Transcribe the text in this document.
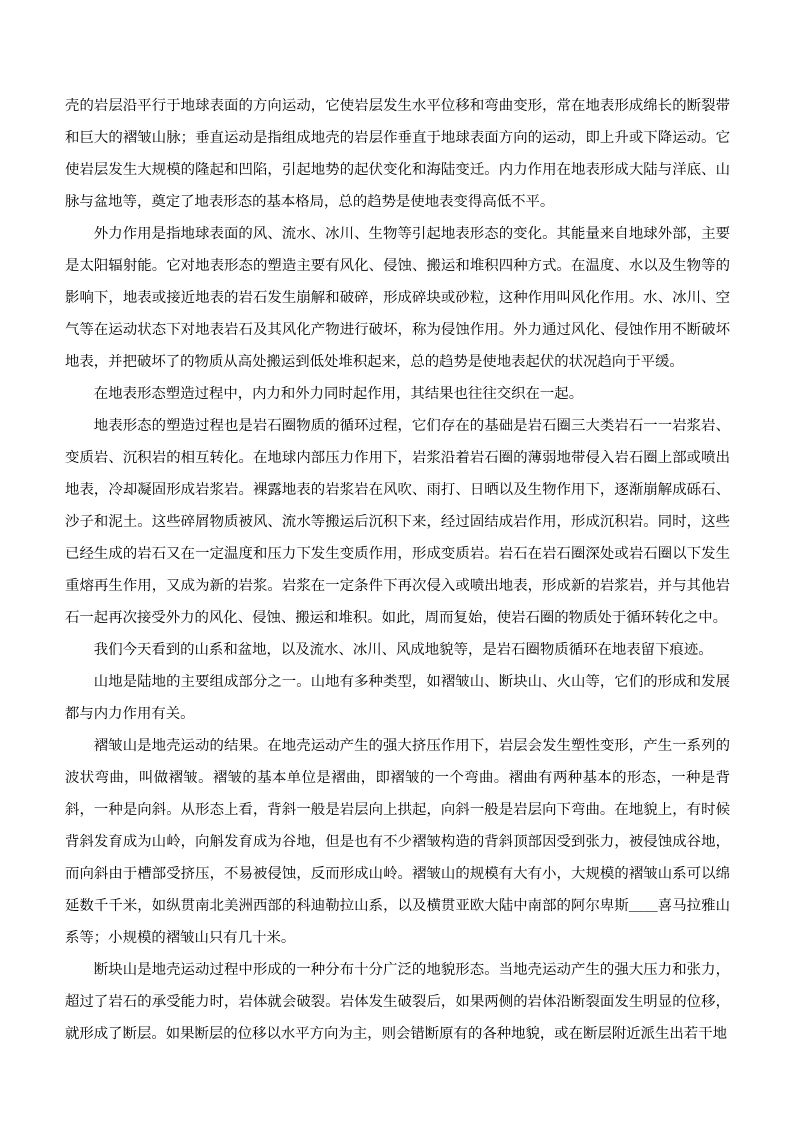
壳的岩层沿平行于地球表面的方向运动，它使岩层发生水平位移和弯曲变形，常在地表形成绵长的断裂带和巨大的褶皱山脉；垂直运动是指组成地壳的岩层作垂直于地球表面方向的运动，即上升或下降运动。它使岩层发生大规模的隆起和凹陷，引起地势的起伏变化和海陆变迁。内力作用在地表形成大陆与洋底、山脉与盆地等，奠定了地表形态的基本格局，总的趋势是使地表变得高低不平。

外力作用是指地球表面的风、流水、冰川、生物等引起地表形态的变化。其能量来自地球外部，主要是太阳辐射能。它对地表形态的塑造主要有风化、侵蚀、搬运和堆积四种方式。在温度、水以及生物等的影响下，地表或接近地表的岩石发生崩解和破碎，形成碎块或砂粒，这种作用叫风化作用。水、冰川、空气等在运动状态下对地表岩石及其风化产物进行破坏，称为侵蚀作用。外力通过风化、侵蚀作用不断破坏地表，并把破坏了的物质从高处搬运到低处堆积起来，总的趋势是使地表起伏的状况趋向于平缓。

在地表形态塑造过程中，内力和外力同时起作用，其结果也往往交织在一起。

地表形态的塑造过程也是岩石圈物质的循环过程，它们存在的基础是岩石圈三大类岩石一一岩浆岩、变质岩、沉积岩的相互转化。在地球内部压力作用下，岩浆沿着岩石圈的薄弱地带侵入岩石圈上部或喷出地表，冷却凝固形成岩浆岩。裸露地表的岩浆岩在风吹、雨打、日晒以及生物作用下，逐渐崩解成砾石、沙子和泥土。这些碎屑物质被风、流水等搬运后沉积下来，经过固结成岩作用，形成沉积岩。同时，这些已经生成的岩石又在一定温度和压力下发生变质作用，形成变质岩。岩石在岩石圈深处或岩石圈以下发生重熔再生作用，又成为新的岩浆。岩浆在一定条件下再次侵入或喷出地表，形成新的岩浆岩，并与其他岩石一起再次接受外力的风化、侵蚀、搬运和堆积。如此，周而复始，使岩石圈的物质处于循环转化之中。

我们今天看到的山系和盆地，以及流水、冰川、风成地貌等，是岩石圈物质循环在地表留下痕迹。

山地是陆地的主要组成部分之一。山地有多种类型，如褶皱山、断块山、火山等，它们的形成和发展都与内力作用有关。

褶皱山是地壳运动的结果。在地壳运动产生的强大挤压作用下，岩层会发生塑性变形，产生一系列的波状弯曲，叫做褶皱。褶皱的基本单位是褶曲，即褶皱的一个弯曲。褶曲有两种基本的形态，一种是背斜，一种是向斜。从形态上看，背斜一般是岩层向上拱起，向斜一般是岩层向下弯曲。在地貌上，有时候背斜发育成为山岭，向斛发育成为谷地，但是也有不少褶皱构造的背斜顶部因受到张力，被侵蚀成谷地，而向斜由于槽部受挤压，不易被侵蚀，反而形成山岭。褶皱山的规模有大有小，大规模的褶皱山系可以绵延数千千米，如纵贯南北美洲西部的科迪勒拉山系，以及横贯亚欧大陆中南部的阿尔卑斯＿＿喜马拉雅山系等；小规模的褶皱山只有几十米。

断块山是地壳运动过程中形成的一种分布十分广泛的地貌形态。当地壳运动产生的强大压力和张力，超过了岩石的承受能力时，岩体就会破裂。岩体发生破裂后，如果两侧的岩体沿断裂面发生明显的位移，就形成了断层。如果断层的位移以水平方向为主，则会错断原有的各种地貌，或在断层附近派生出若干地
